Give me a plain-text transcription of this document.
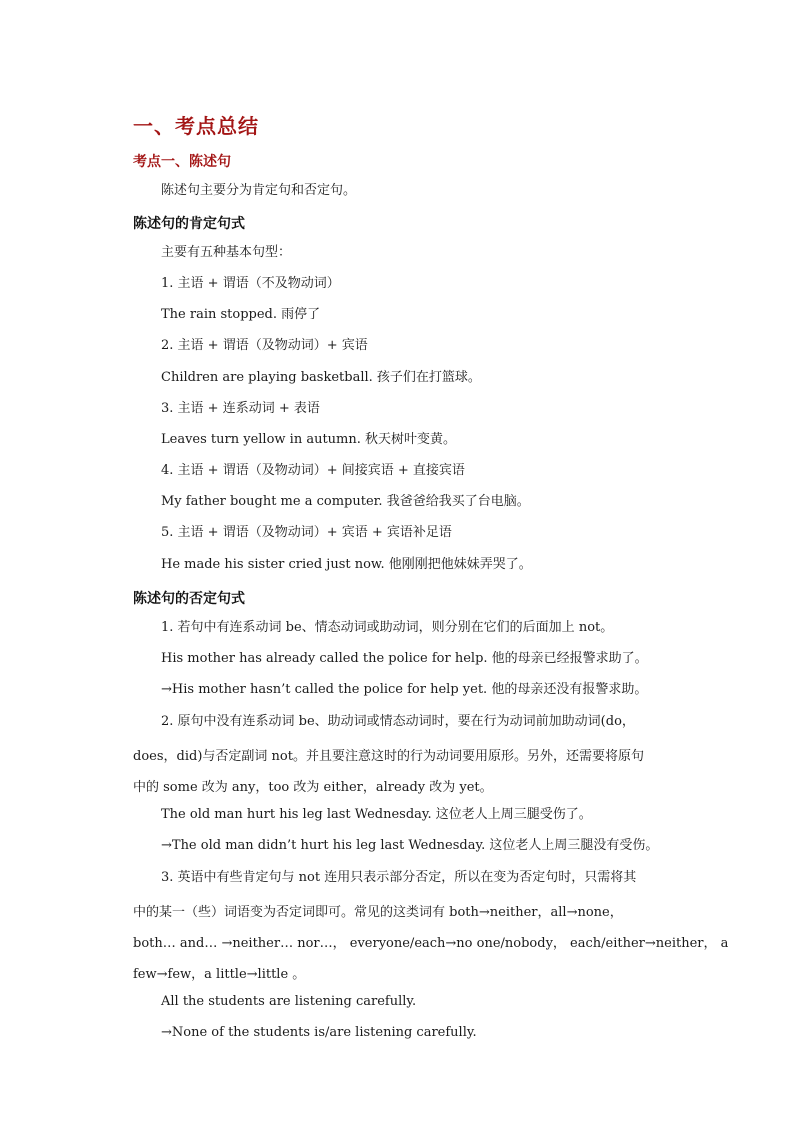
一、考点总结
考点一、陈述句
陈述句主要分为肯定句和否定句。
陈述句的肯定句式
主要有五种基本句型：
1. 主语 + 谓语（不及物动词）
The rain stopped. 雨停了
2. 主语 + 谓语（及物动词）+ 宾语
Children are playing basketball. 孩子们在打篮球。
3. 主语 + 连系动词 + 表语
Leaves turn yellow in autumn. 秋天树叶变黄。
4. 主语 + 谓语（及物动词）+ 间接宾语 + 直接宾语
My father bought me a computer. 我爸爸给我买了台电脑。
5. 主语 + 谓语（及物动词）+ 宾语 + 宾语补足语
He made his sister cried just now. 他刚刚把他妹妹弄哭了。
陈述句的否定句式
1. 若句中有连系动词 be、情态动词或助动词，则分别在它们的后面加上 not。
His mother has already called the police for help. 他的母亲已经报警求助了。
→His mother hasn’t called the police for help yet. 他的母亲还没有报警求助。
2. 原句中没有连系动词 be、助动词或情态动词时，要在行为动词前加助动词(do，
does，did)与否定副词 not。并且要注意这时的行为动词要用原形。另外，还需要将原句
中的 some 改为 any，too 改为 either，already 改为 yet。
The old man hurt his leg last Wednesday. 这位老人上周三腿受伤了。
→The old man didn’t hurt his leg last Wednesday. 这位老人上周三腿没有受伤。
3. 英语中有些肯定句与 not 连用只表示部分否定，所以在变为否定句时，只需将其
中的某一（些）词语变为否定词即可。常见的这类词有 both→neither，all→none，
both… and… →neither… nor…， everyone/each→no one/nobody， each/either→neither， a
few→few，a little→little 。
All the students are listening carefully.
→None of the students is/are listening carefully.
